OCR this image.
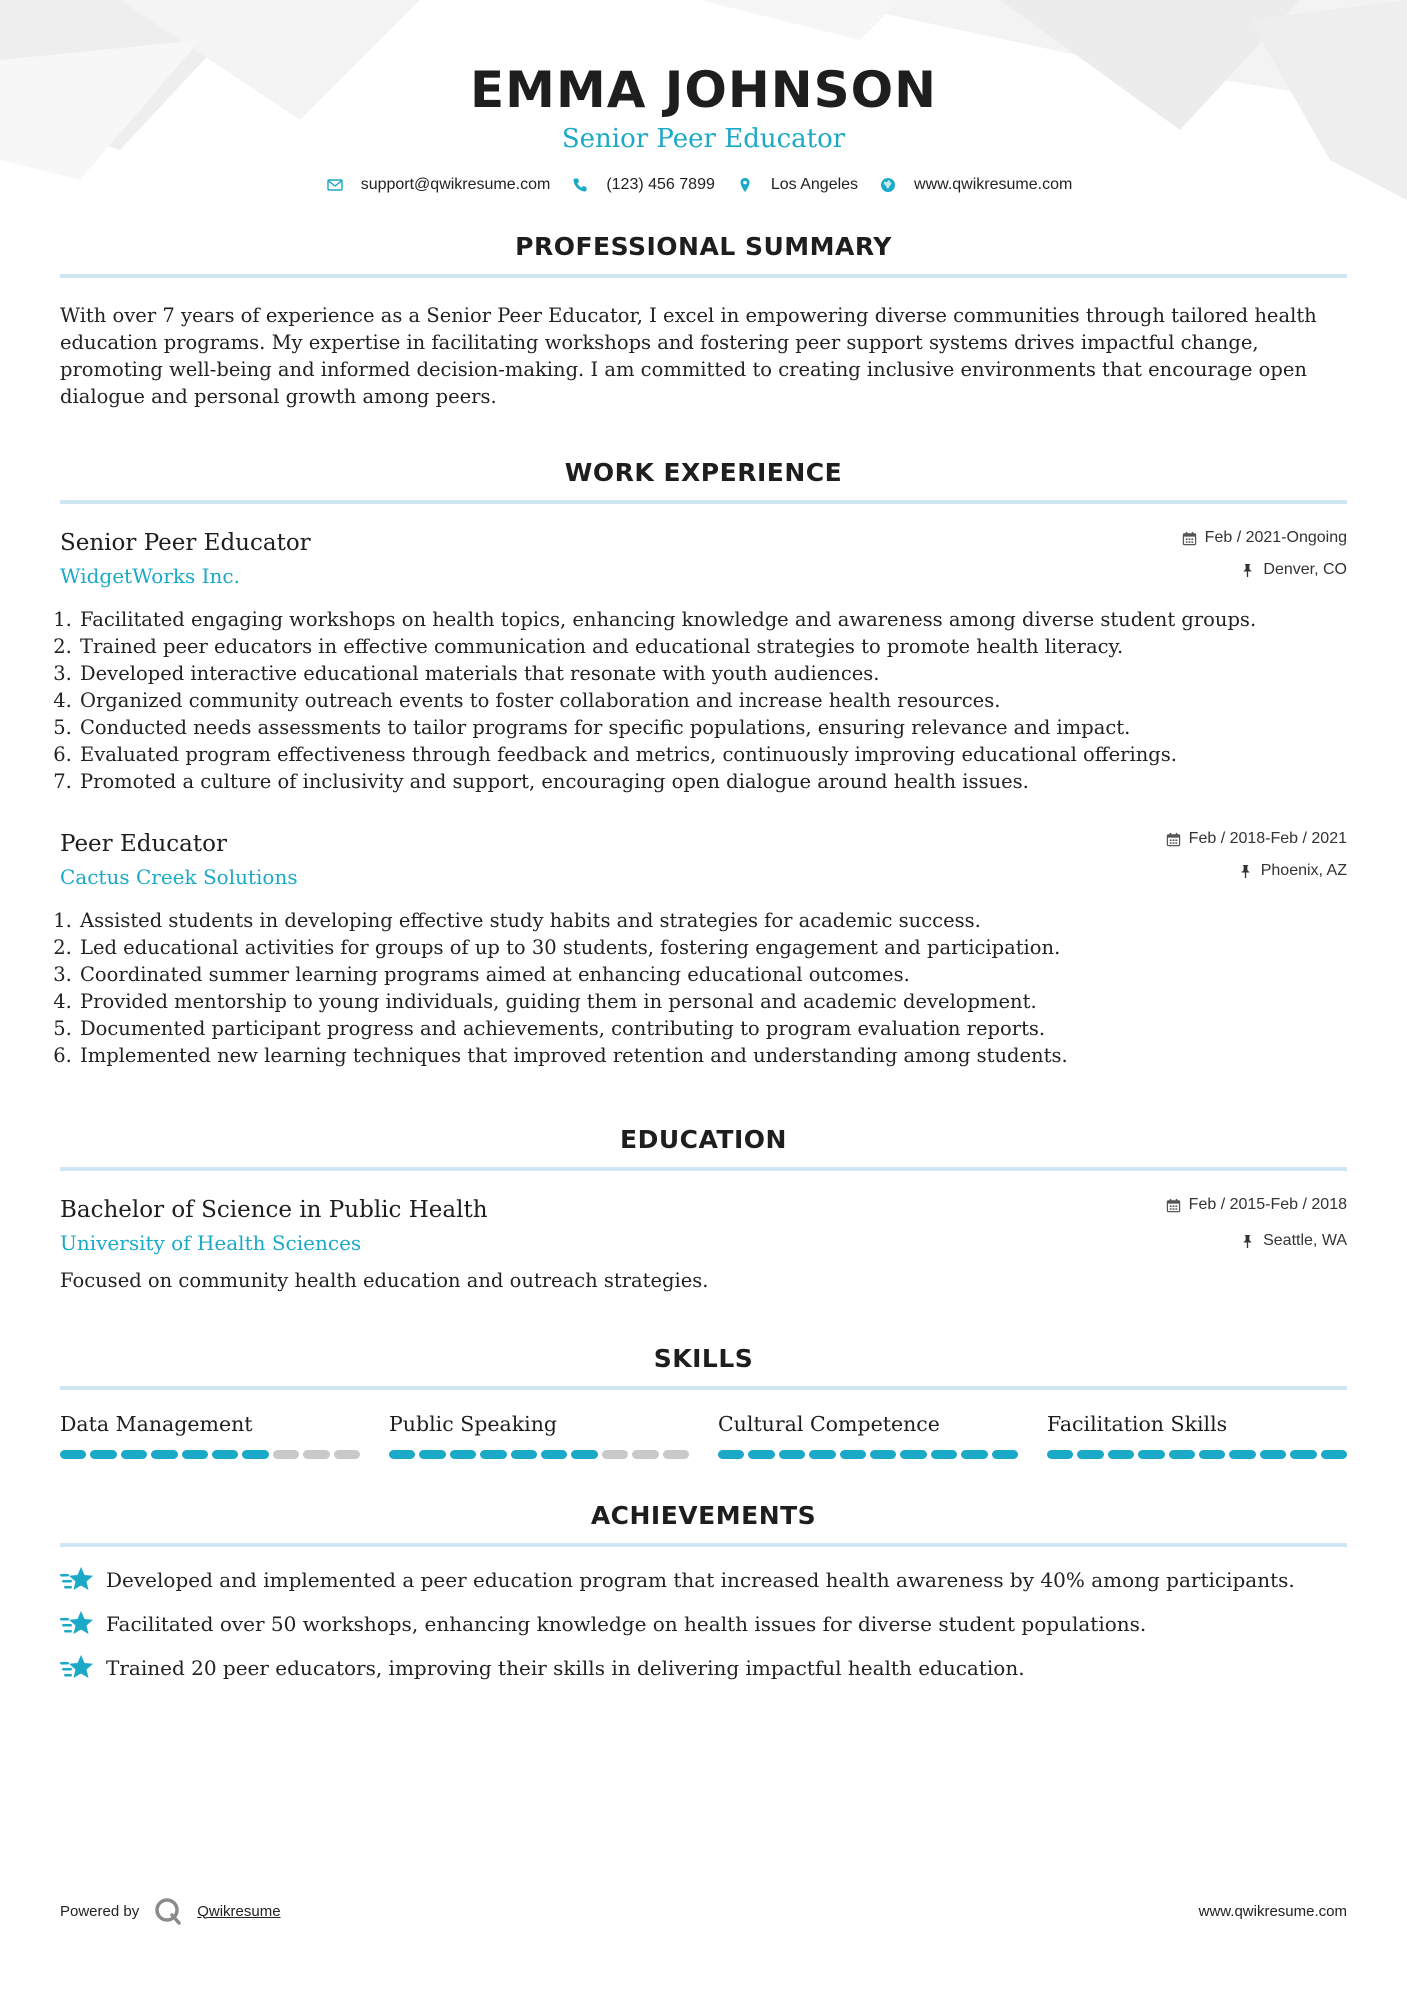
EMMA JOHNSON
Senior Peer Educator
support@qwikresume.com	(123) 456 7899	Los Angeles	www.qwikresume.com
PROFESSIONAL SUMMARY

With over 7 years of experience as a Senior Peer Educator, I excel in empowering diverse communities through tailored health education programs. My expertise in facilitating workshops and fostering peer support systems drives impactful change, promoting well-being and informed decision-making. I am committed to creating inclusive environments that encourage open dialogue and personal growth among peers.

WORK EXPERIENCE
Senior Peer Educator
WidgetWorks Inc.
Feb / 2021-Ongoing
Denver, CO
1. Facilitated engaging workshops on health topics, enhancing knowledge and awareness among diverse student groups.
2. Trained peer educators in effective communication and educational strategies to promote health literacy.
3. Developed interactive educational materials that resonate with youth audiences.
4. Organized community outreach events to foster collaboration and increase health resources.
5. Conducted needs assessments to tailor programs for specific populations, ensuring relevance and impact.
6. Evaluated program effectiveness through feedback and metrics, continuously improving educational offerings.
7. Promoted a culture of inclusivity and support, encouraging open dialogue around health issues.
Peer Educator
Cactus Creek Solutions
Feb / 2018-Feb / 2021
Phoenix, AZ
1. Assisted students in developing effective study habits and strategies for academic success.
2. Led educational activities for groups of up to 30 students, fostering engagement and participation.
3. Coordinated summer learning programs aimed at enhancing educational outcomes.
4. Provided mentorship to young individuals, guiding them in personal and academic development.
5. Documented participant progress and achievements, contributing to program evaluation reports.
6. Implemented new learning techniques that improved retention and understanding among students.
EDUCATION
Bachelor of Science in Public Health
University of Health Sciences
Feb / 2015-Feb / 2018
Seattle, WA

Focused on community health education and outreach strategies.

SKILLS
Data Management	Public Speaking	Cultural Competence	Facilitation Skills
ACHIEVEMENTS
Developed and implemented a peer education program that increased health awareness by 40% among participants.
Facilitated over 50 workshops, enhancing knowledge on health issues for diverse student populations.
Trained 20 peer educators, improving their skills in delivering impactful health education.
Powered by	Qwikresume	www.qwikresume.com
